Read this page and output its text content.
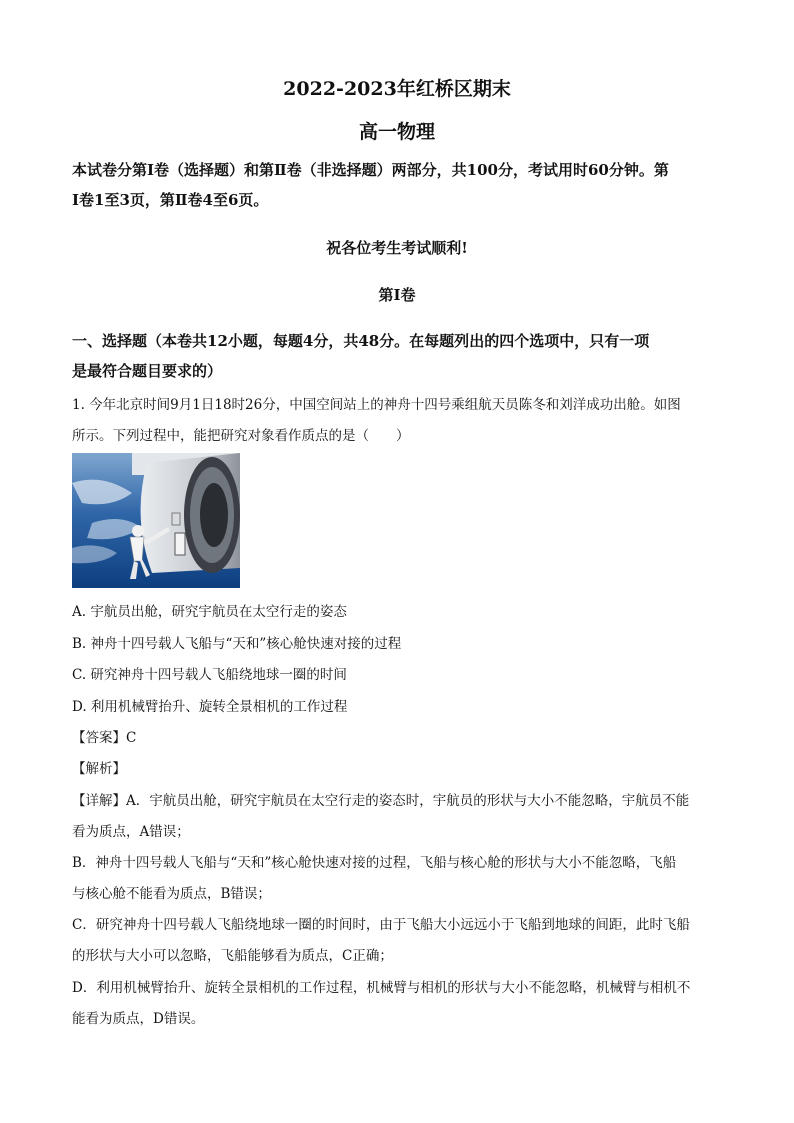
2022-2023年红桥区期末
高一物理
本试卷分第Ⅰ卷（选择题）和第Ⅱ卷（非选择题）两部分，共100分，考试用时60分钟。第
Ⅰ卷1至3页，第Ⅱ卷4至6页。
祝各位考生考试顺利!
第Ⅰ卷
一、选择题（本卷共12小题，每题4分，共48分。在每题列出的四个选项中，只有一项
是最符合题目要求的）
1. 今年北京时间9月1日18时26分，中国空间站上的神舟十四号乘组航天员陈冬和刘洋成功出舱。如图
所示。下列过程中，能把研究对象看作质点的是（　　）
A. 宇航员出舱，研究宇航员在太空行走的姿态
B. 神舟十四号载人飞船与“天和”核心舱快速对接的过程
C. 研究神舟十四号载人飞船绕地球一圈的时间
D. 利用机械臂抬升、旋转全景相机的工作过程
【答案】C
【解析】
【详解】A．宇航员出舱，研究宇航员在太空行走的姿态时，宇航员的形状与大小不能忽略，宇航员不能
看为质点，A错误；
B．神舟十四号载人飞船与“天和”核心舱快速对接的过程，飞船与核心舱的形状与大小不能忽略，飞船
与核心舱不能看为质点，B错误；
C．研究神舟十四号载人飞船绕地球一圈的时间时，由于飞船大小远远小于飞船到地球的间距，此时飞船
的形状与大小可以忽略，飞船能够看为质点，C正确；
D．利用机械臂抬升、旋转全景相机的工作过程，机械臂与相机的形状与大小不能忽略，机械臂与相机不
能看为质点，D错误。
